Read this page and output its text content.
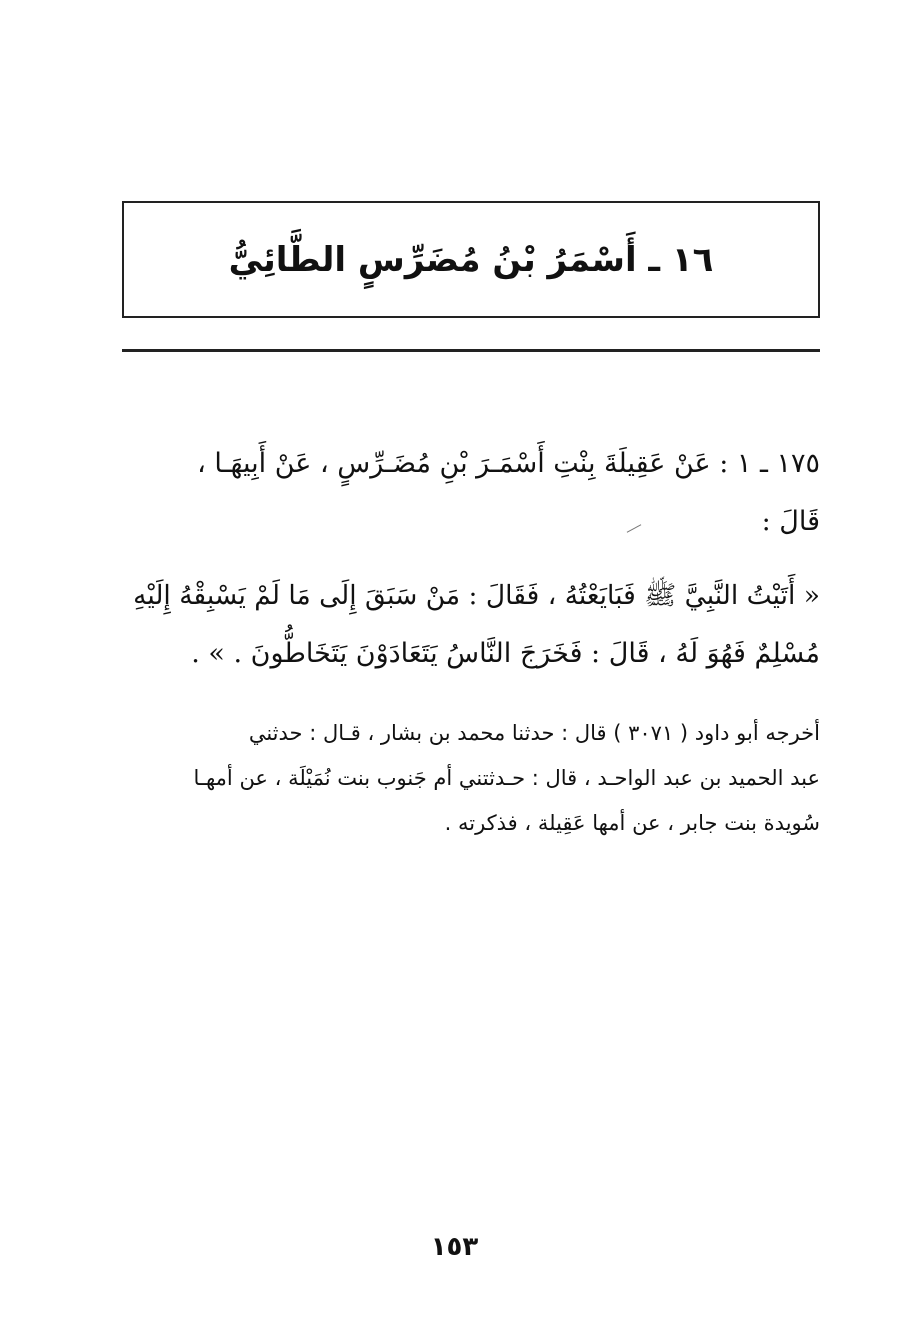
١٦ ـ أَسْمَرُ بْنُ مُضَرِّسٍ الطَّائِيُّ

١٧٥ ـ ١ : عَنْ عَقِيلَةَ بِنْتِ أَسْمَـرَ بْنِ مُضَـرِّسٍ ، عَنْ أَبِيهَـا ،

قَالَ :

« أَتَيْتُ النَّبِيَّ ﷺ فَبَايَعْتُهُ ، فَقَالَ : مَنْ سَبَقَ إِلَى مَا لَمْ يَسْبِقْهُ إِلَيْهِ

مُسْلِمٌ فَهُوَ لَهُ ، قَالَ : فَخَرَجَ النَّاسُ يَتَعَادَوْنَ يَتَخَاطُّونَ . » .

أخرجه أبو داود ( ٣٠٧١ ) قال : حدثنا محمد بن بشار ، قـال : حدثني

عبد الحميد بن عبد الواحـد ، قال : حـدثتني أم جَنوب بنت نُمَيْلَة ، عن أمهـا

سُويدة بنت جابر ، عن أمها عَقِيلة ، فذكرته .

١٥٣
